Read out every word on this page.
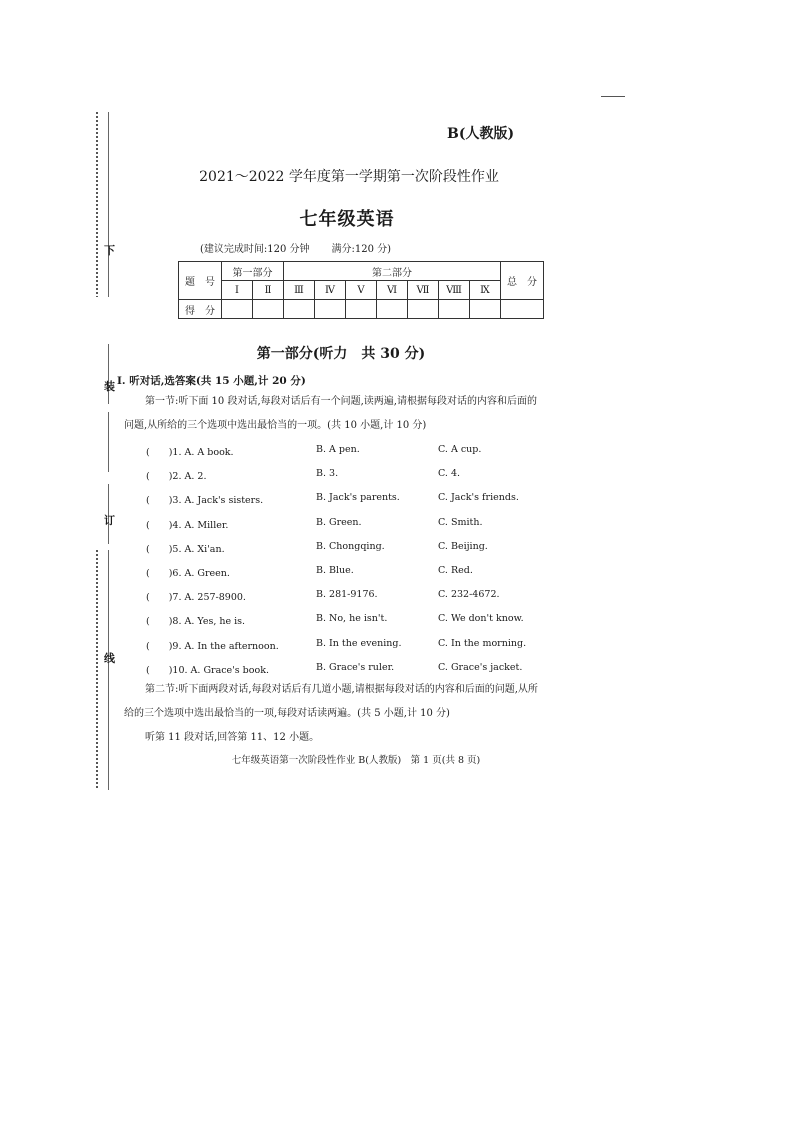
下
装
订
线
B(人教版)
2021～2022 学年度第一学期第一次阶段性作业
七年级英语
(建议完成时间:120 分钟 满分:120 分)
题　号	第一部分		第二部分							总　分
	Ⅰ	Ⅱ	Ⅲ	Ⅳ	Ⅴ	Ⅵ	Ⅶ	Ⅷ	Ⅸ	
得　分										
第一部分(听力　共 30 分)
Ⅰ. 听对话,选答案(共 15 小题,计 20 分)
第一节:听下面 10 段对话,每段对话后有一个问题,读两遍,请根据每段对话的内容和后面的
问题,从所给的三个选项中选出最恰当的一项。(共 10 小题,计 10 分)
(　　)1. A. A book.	B. A pen.	C. A cup.
(　　)2. A. 2.	B. 3.	C. 4.
(　　)3. A. Jack's sisters.	B. Jack's parents.	C. Jack's friends.
(　　)4. A. Miller.	B. Green.	C. Smith.
(　　)5. A. Xi'an.	B. Chongqing.	C. Beijing.
(　　)6. A. Green.	B. Blue.	C. Red.
(　　)7. A. 257-8900.	B. 281-9176.	C. 232-4672.
(　　)8. A. Yes, he is.	B. No, he isn't.	C. We don't know.
(　　)9. A. In the afternoon.	B. In the evening.	C. In the morning.
(　　)10. A. Grace's book.	B. Grace's ruler.	C. Grace's jacket.
第二节:听下面两段对话,每段对话后有几道小题,请根据每段对话的内容和后面的问题,从所
给的三个选项中选出最恰当的一项,每段对话读两遍。(共 5 小题,计 10 分)
听第 11 段对话,回答第 11、12 小题。
七年级英语第一次阶段性作业 B(人教版)　第 1 页(共 8 页)
